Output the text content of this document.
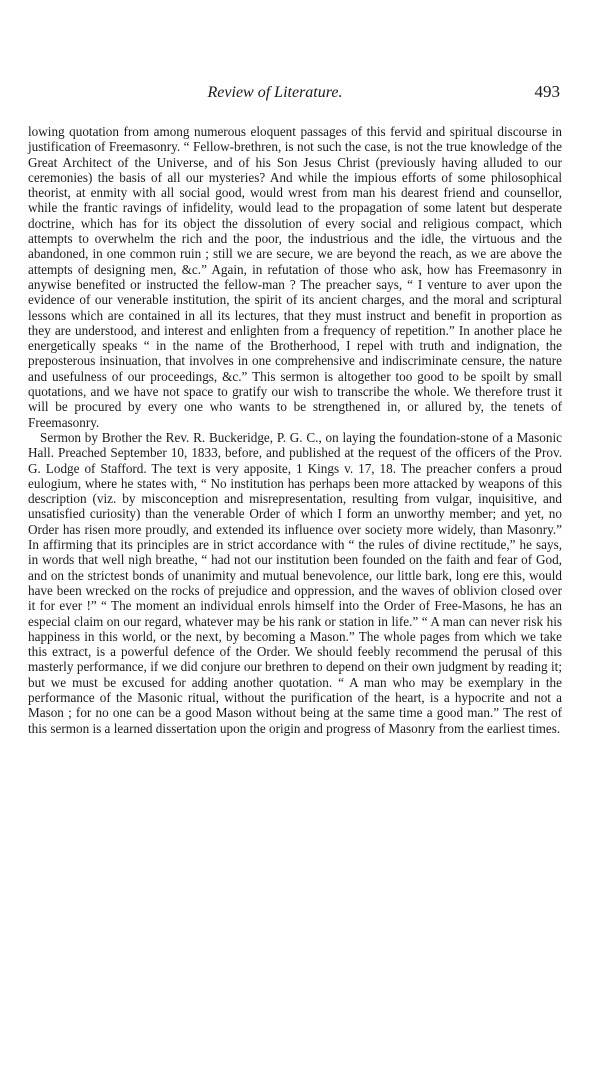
Review of Literature.	493

lowing quotation from among numerous eloquent passages of this fervid and spiritual discourse in justification of Freemasonry. “ Fellow-brethren, is not such the case, is not the true knowledge of the Great Architect of the Universe, and of his Son Jesus Christ (previously having alluded to our ceremonies) the basis of all our mysteries? And while the impious efforts of some philosophical theorist, at enmity with all social good, would wrest from man his dearest friend and counsellor, while the frantic ravings of infidelity, would lead to the propagation of some latent but desperate doctrine, which has for its object the dissolution of every social and religious compact, which attempts to overwhelm the rich and the poor, the industrious and the idle, the virtuous and the abandoned, in one common ruin ; still we are secure, we are beyond the reach, as we are above the attempts of designing men, &c.” Again, in refutation of those who ask, how has Freemasonry in anywise benefited or instructed the fellow-man ? The preacher says, “ I venture to aver upon the evidence of our venerable institution, the spirit of its ancient charges, and the moral and scriptural lessons which are contained in all its lectures, that they must instruct and benefit in proportion as they are understood, and interest and enlighten from a frequency of repetition.” In another place he energetically speaks “ in the name of the Brotherhood, I repel with truth and indignation, the preposterous insinuation, that involves in one comprehensive and indiscriminate censure, the nature and usefulness of our proceedings, &c.” This sermon is altogether too good to be spoilt by small quotations, and we have not space to gratify our wish to transcribe the whole. We therefore trust it will be procured by every one who wants to be strengthened in, or allured by, the tenets of Freemasonry.

Sermon by Brother the Rev. R. Buckeridge, P. G. C., on laying the foundation-stone of a Masonic Hall. Preached September 10, 1833, before, and published at the request of the officers of the Prov. G. Lodge of Stafford. The text is very apposite, 1 Kings v. 17, 18. The preacher confers a proud eulogium, where he states with, “ No institution has perhaps been more attacked by weapons of this description (viz. by misconception and misrepresentation, resulting from vulgar, inquisitive, and unsatisfied curiosity) than the venerable Order of which I form an unworthy member; and yet, no Order has risen more proudly, and extended its influence over society more widely, than Masonry.” In affirming that its principles are in strict accordance with “ the rules of divine rectitude,” he says, in words that well nigh breathe, “ had not our institution been founded on the faith and fear of God, and on the strictest bonds of unanimity and mutual benevolence, our little bark, long ere this, would have been wrecked on the rocks of prejudice and oppression, and the waves of oblivion closed over it for ever !” “ The moment an individual enrols himself into the Order of Free-Masons, he has an especial claim on our regard, whatever may be his rank or station in life.” “ A man can never risk his happiness in this world, or the next, by becoming a Mason.” The whole pages from which we take this extract, is a powerful defence of the Order. We should feebly recommend the perusal of this masterly performance, if we did conjure our brethren to depend on their own judgment by reading it; but we must be excused for adding another quotation. “ A man who may be exemplary in the performance of the Masonic ritual, without the purification of the heart, is a hypocrite and not a Mason ; for no one can be a good Mason without being at the same time a good man.” The rest of this sermon is a learned dissertation upon the origin and progress of Masonry from the earliest times.
